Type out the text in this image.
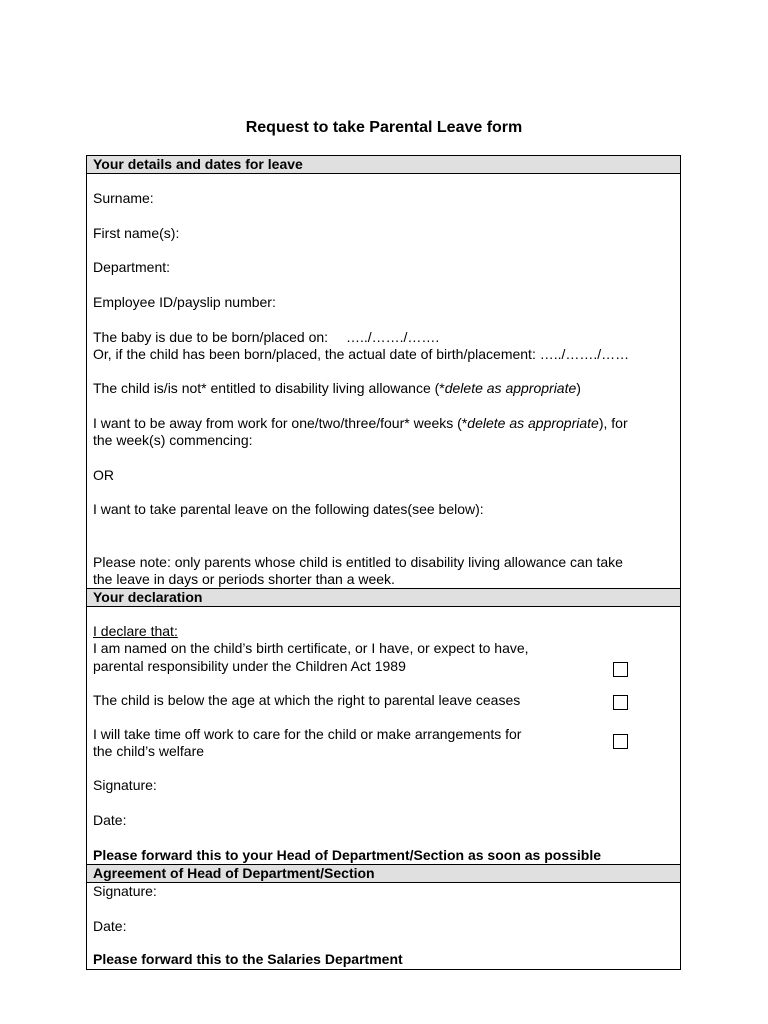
Request to take Parental Leave form
Your details and dates for leave
Surname:
First name(s):
Department:
Employee ID/payslip number:
The baby is due to be born/placed on: …../……./…….
Or, if the child has been born/placed, the actual date of birth/placement: …../……./……
The child is/is not* entitled to disability living allowance (*delete as appropriate)
I want to be away from work for one/two/three/four* weeks (*delete as appropriate), for
the week(s) commencing:
OR
I want to take parental leave on the following dates(see below):
Please note: only parents whose child is entitled to disability living allowance can take
the leave in days or periods shorter than a week.
Your declaration
I declare that:
I am named on the child’s birth certificate, or I have, or expect to have,
parental responsibility under the Children Act 1989
The child is below the age at which the right to parental leave ceases
I will take time off work to care for the child or make arrangements for
the child’s welfare
Signature:
Date:
Please forward this to your Head of Department/Section as soon as possible
Agreement of Head of Department/Section
Signature:
Date:
Please forward this to the Salaries Department
